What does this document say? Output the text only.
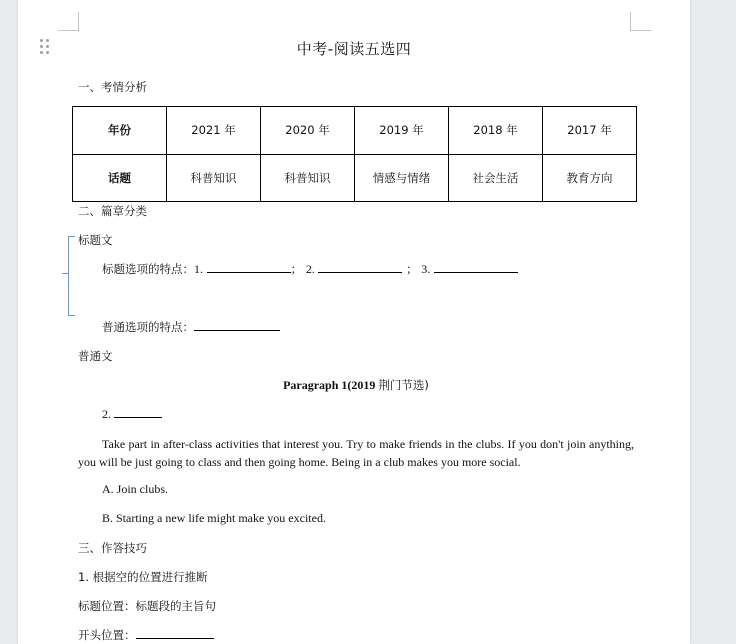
中考-阅读五选四
一、考情分析
年份	2021 年	2020 年	2019 年	2018 年	2017 年
话题	科普知识	科普知识	情感与情绪	社会生活	教育方向
二、篇章分类
标题文
标题选项的特点：1.	； 2.	； 3.
普通选项的特点：
普通文
Paragraph 1(2019 荆门节选)
2.
Take part in after-class activities that interest you. Try to make friends in the clubs. If you don't join anything, you will be just going to class and then going home. Being in a club makes you more social.
A. Join clubs.
B. Starting a new life might make you excited.
三、作答技巧
1. 根据空的位置进行推断
标题位置：标题段的主旨句
开头位置：
